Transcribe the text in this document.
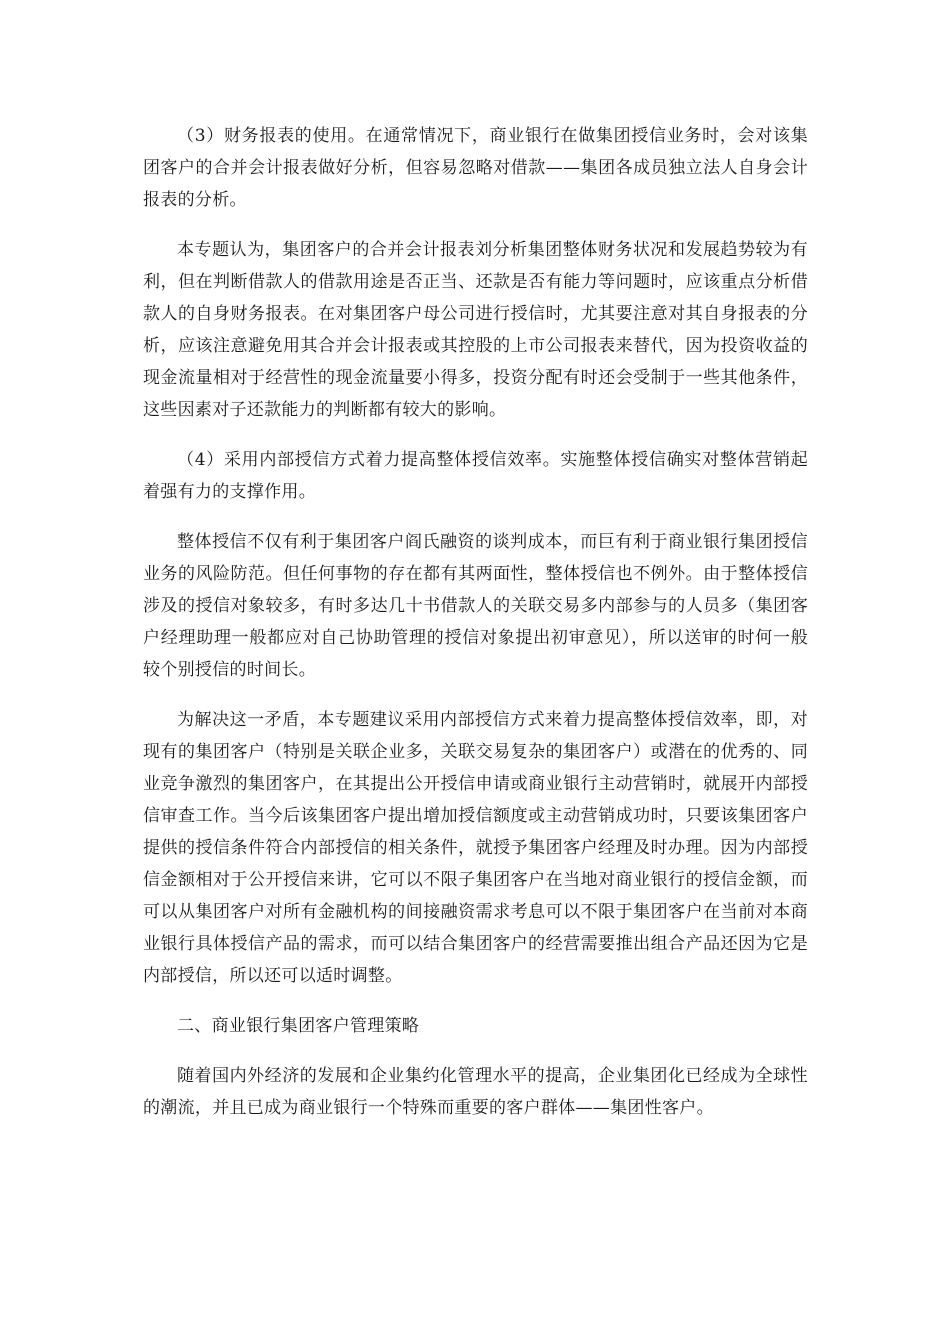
（3）财务报表的使用。在通常情况下，商业银行在做集团授信业务时，会对该集团客户的合并会计报表做好分析，但容易忽略对借款——集团各成员独立法人自身会计报表的分析。

本专题认为，集团客户的合并会计报表刘分析集团整体财务状况和发展趋势较为有利，但在判断借款人的借款用途是否正当、还款是否有能力等问题时，应该重点分析借款人的自身财务报表。在对集团客户母公司进行授信时，尤其要注意对其自身报表的分析，应该注意避免用其合并会计报表或其控股的上市公司报表来替代，因为投资收益的现金流量相对于经营性的现金流量要小得多，投资分配有时还会受制于一些其他条件，这些因素对子还款能力的判断都有较大的影响。

（4）采用内部授信方式着力提高整体授信效率。实施整体授信确实对整体营销起着强有力的支撑作用。

整体授信不仅有利于集团客户阎氏融资的谈判成本，而巨有利于商业银行集团授信业务的风险防范。但任何事物的存在都有其两面性，整体授信也不例外。由于整体授信涉及的授信对象较多，有时多达几十书借款人的关联交易多内部参与的人员多（集团客户经理助理一般都应对自己协助管理的授信对象提出初审意见），所以送审的时何一般较个别授信的时间长。

为解决这一矛盾，本专题建议采用内部授信方式来着力提高整体授信效率，即，对现有的集团客户（特别是关联企业多，关联交易复杂的集团客户）或潜在的优秀的、同业竞争激烈的集团客户，在其提出公开授信申请或商业银行主动营销时，就展开内部授信审查工作。当今后该集团客户提出增加授信额度或主动营销成功时，只要该集团客户提供的授信条件符合内部授信的相关条件，就授予集团客户经理及时办理。因为内部授信金额相对于公开授信来讲，它可以不限子集团客户在当地对商业银行的授信金额，而可以从集团客户对所有金融机构的间接融资需求考息可以不限于集团客户在当前对本商业银行具体授信产品的需求，而可以结合集团客户的经营需要推出组合产品还因为它是内部授信，所以还可以适时调整。

二、商业银行集团客户管理策略

随着国内外经济的发展和企业集约化管理水平的提高，企业集团化已经成为全球性的潮流，并且已成为商业银行一个特殊而重要的客户群体——集团性客户。
